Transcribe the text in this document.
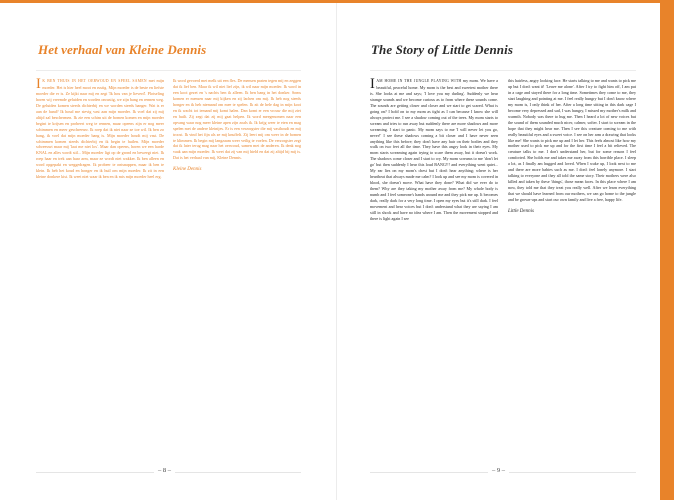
Het verhaal van Kleine Dennis

IK BEN THUIS IN HET OERWOUD EN SPEEL SAMEN met mijn moeder. Het is hier heel mooi en rustig. Mijn moeder is de beste en liefste moeder die er is. Ze kijkt naar mij en zegt 'Ik hou van je lieverd'. Plotseling horen wij vreemde geluiden en worden onrustig, we zijn bang en rennen weg. De geluiden komen steeds dichterbij en we worden steeds banger. Wat is er aan de hand? Ik houd me stevig vast aan mijn moeder. Ik voel dat zij mij altijd zal beschermen. Ik zie een schim uit de bomen komen en mijn moeder begint te krijsen en probeert weg te rennen, maar opeens zijn er nog meer schimmen en meer geschreeuw. Ik roep dat ik niet naar ze toe wil. Ik ben zo bang, ik voel dat mijn moeder bang is. Mijn moeder houdt mij vast. De schimmen komen steeds dichterbij en ik begin te huilen. Mijn moeder schreeuwt maar mij 'laat me niet los'. Maar dan opeens, horen we een harde KNAL en alles wordt stil... Mijn moeder ligt op de grond en beweegt niet. Ik roep haar en trek aan haar arm, maar ze wordt niet wakker. Ik ben alleen en word opgepakt en weggedragen. Ik probeer te ontsnappen, maar ik ben te klein. Ik heb het koud en honger en ik huil om mijn moeder. Ik zit in een kleine donkere kist. Ik weet niet waar ik ben en ik mis mijn moeder heel erg.

Ik word gevoerd met melk uit een fles. De mensen praten tegen mij en zeggen dat ik lief ben. Maar ik wil niet lief zijn, ik wil naar mijn moeder. Ik word in een kooi gezet en 's nachts ben ik alleen. Ik ben bang in het donker. Soms komen er mensen naar mij kijken en zij lachen om mij. Ik heb nog steeds honger en ik heb niemand om mee te spelen. Ik zit de hele dag in mijn kooi en ik wacht tot iemand mij komt halen. Dan komt er een vrouw die mij ziet en huilt. Zij zegt dat zij mij gaat helpen. Ik word meegenomen naar een opvang waar nog meer kleine apen zijn zoals ik. Ik krijg weer te eten en mag spelen met de andere kleintjes. Er is een verzorgster die mij vasthoudt en mij troost. Ik vind het fijn als ze mij knuffelt. Zij leert mij om weer in de bomen te klimmen. Ik begin mij langzaam weer veilig te voelen. De verzorgster zegt dat ik later terug mag naar het oerwoud, samen met de anderen. Ik denk nog vaak aan mijn moeder. Ik weet dat zij van mij hield en dat zij altijd bij mij is. Dat is het verhaal van mij, Kleine Dennis.

Kleine Dennis
– 8 –
The Story of Little Dennis

IAM HOME IN THE JUNGLE PLAYING WITH my mom. We have a beautiful, peaceful home. My mom is the best and sweetest mother there is. She looks at me and says; 'I love you my darling'. Suddenly we hear strange sounds and we become curious as to from where these sounds come. The sounds are getting closer and closer and we start to get scared. What is going on? I hold on to my mom as tight as I can because I know she will always protect me. I see a shadow coming out of the trees. My mom starts to scream and tries to run away but suddenly there are more shadows and more screaming. I start to panic. My mom says to me 'I will never let you go, never!' I see these shadows coming a bit closer and I have never seen anything like this before; they don't have any hair on their bodies and they walk on two feet all the time. They have this angry look in their eyes. My mom starts screaming again trying to scare them away, but it doesn't work. The shadows come closer and I start to cry. My mom screams to me 'don't let go' but then suddenly I hear this loud BANG!!! and everything went quiet... My ear lies on my mom's chest but I don't hear anything; where is her heartbeat that always made me calm? I look up and see my mom is covered in blood, she doesn't move. What have they done? What did we ever do to them? Why are they taking my mother away from me? My whole body is numb and I feel someone's hands around me and they pick me up. It becomes dark, really dark for a very long time. I open my eyes but it's still dark. I feel movement and hear voices but I don't understand what they are saying I am still in shock and have no idea where I am. Then the movement stopped and there is light again I see

this hairless, angry looking face. He starts talking to me and wants to pick me up but I don't want it! 'Leave me alone'. After I try to fight him off, I am put in a cage and stayed there for a long time. Sometimes they come to me, they start laughing and pointing at me. I feel really hungry but I don't know where my mom is, I only think of her. After a long time sitting in this dark cage I become very depressed and sad, I was hungry, I missed my mother's milk and warmth. Nobody was there to hug me. Then I heard a lot of new voices but the sound of them sounded much nicer, calmer, softer. I start to scream in the hope that they might hear me. Then I see this creature coming to me with really beautiful eyes and a sweet voice. I see on her arm a drawing that looks like me! She wants to pick me up and I let her. This feels almost like how my mother used to pick me up and for the first time I feel a bit relieved. The creature talks to me. I don't understand her, but for some reason I feel comforted. She holds me and takes me away from this horrible place. I sleep a lot, as I finally am hugged and loved. When I wake up, I look next to me and there are more babies such as me. I don't feel lonely anymore. I start talking to everyone and they all told the same story. Their mothers were also killed and taken by these 'things', those mean faces. In this place where I am now, they told me that they treat you really well. After we learn everything that we should have learned from our mothers, we can go home to the jungle and be grown-ups and start our own family and live a free, happy life.

Little Dennis
– 9 –
